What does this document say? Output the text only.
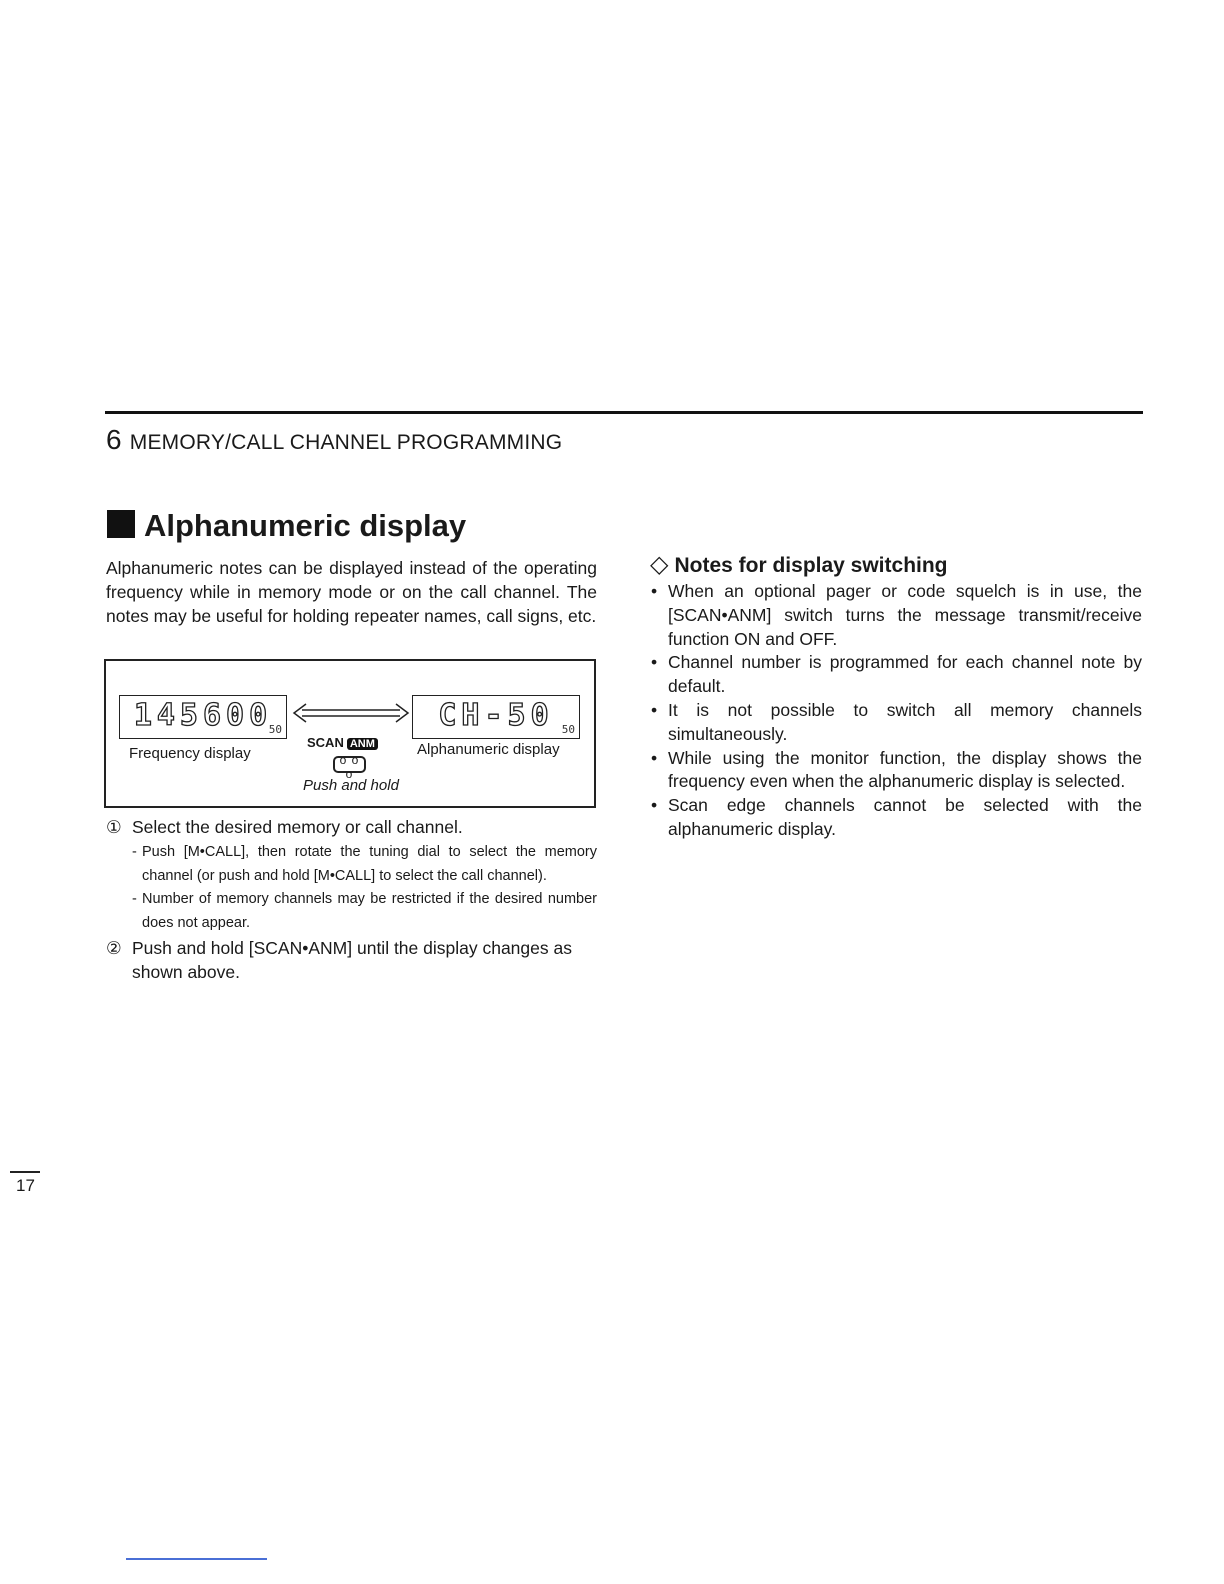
6 MEMORY/CALL CHANNEL PROGRAMMING
Alphanumeric display
Alphanumeric notes can be displayed instead of the operating frequency while in memory mode or on the call channel. The notes may be useful for holding repeater names, call signs, etc.
145600
50	CH-50 50
Frequency display
SCAN ANM
o o o
Alphanumeric display
Push and hold
① Select the desired memory or call channel.
- Push [M•CALL], then rotate the tuning dial to select the memory channel (or push and hold [M•CALL] to select the call channel).
- Number of memory channels may be restricted if the desired number does not appear.
② Push and hold [SCAN•ANM] until the display changes as shown above.
◇ Notes for display switching
• When an optional pager or code squelch is in use, the [SCAN•ANM] switch turns the message transmit/receive function ON and OFF.
• Channel number is programmed for each channel note by default.
• It is not possible to switch all memory channels simultaneously.
• While using the monitor function, the display shows the frequency even when the alphanumeric display is selected.
• Scan edge channels cannot be selected with the alphanumeric display.
17
